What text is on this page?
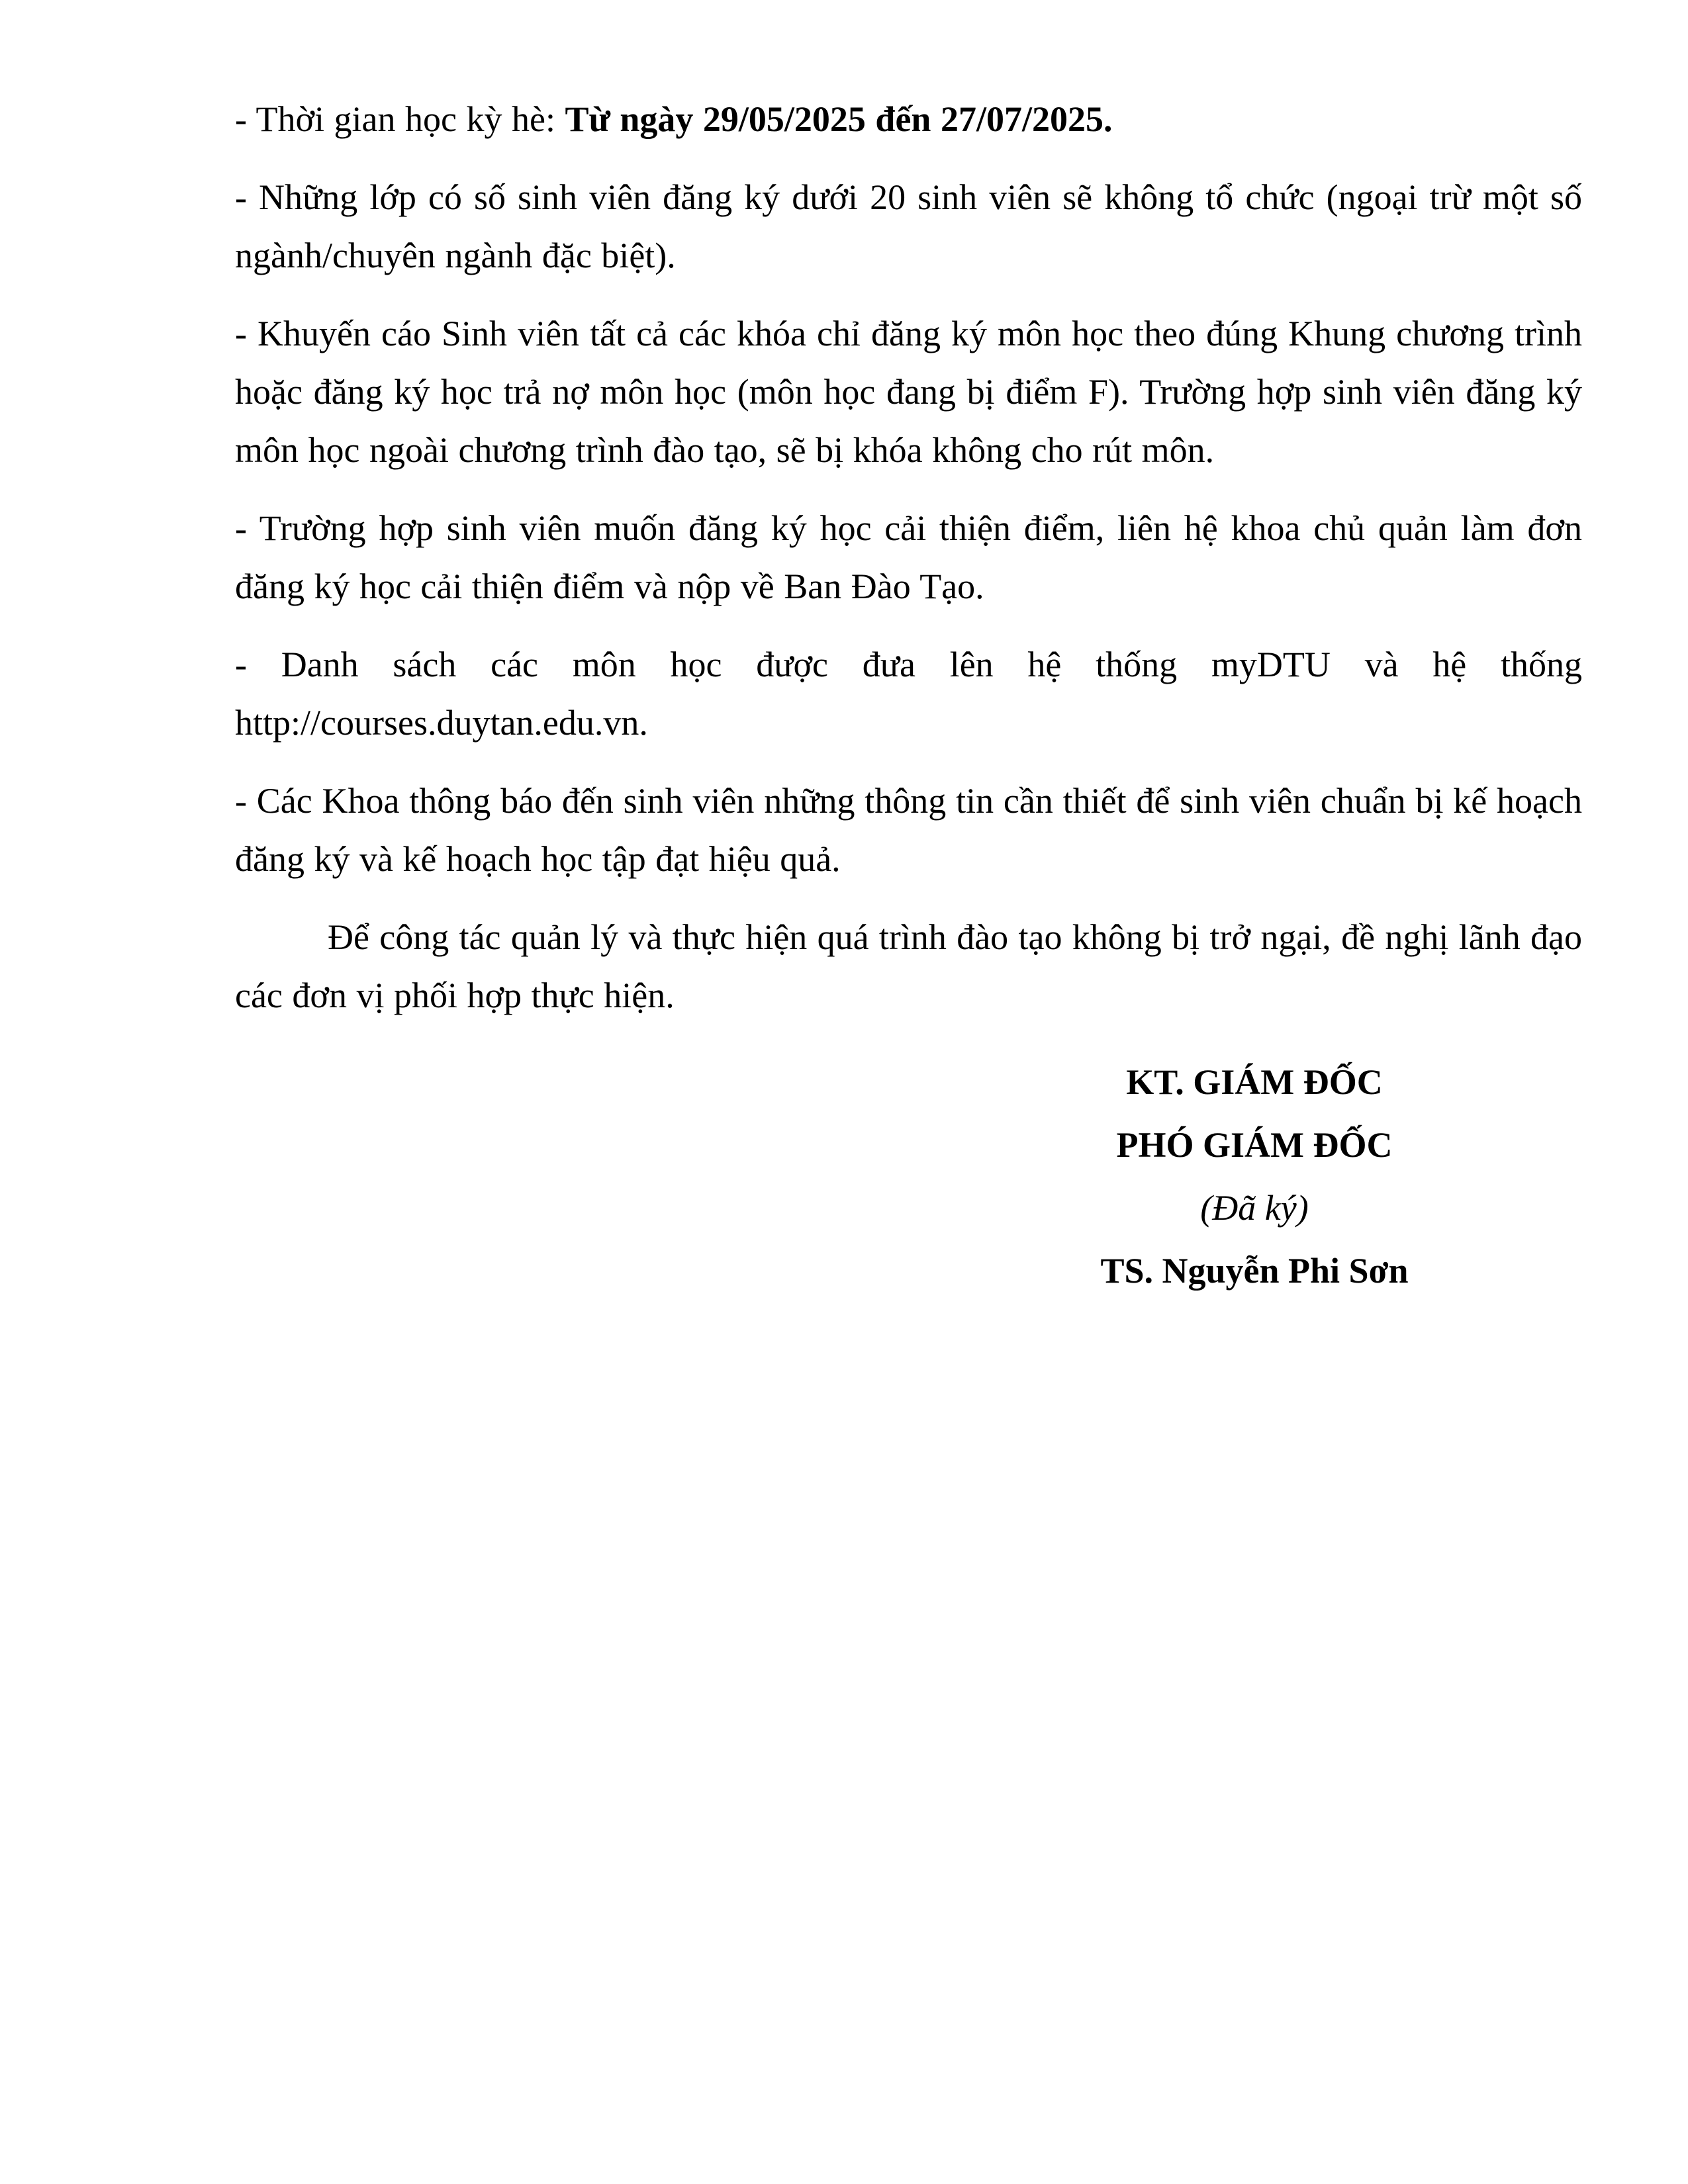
- Thời gian học kỳ hè: Từ ngày 29/05/2025 đến 27/07/2025.

- Những lớp có số sinh viên đăng ký dưới 20 sinh viên sẽ không tổ chức (ngoại trừ một số ngành/chuyên ngành đặc biệt).

- Khuyến cáo Sinh viên tất cả các khóa chỉ đăng ký môn học theo đúng Khung chương trình hoặc đăng ký học trả nợ môn học (môn học đang bị điểm F). Trường hợp sinh viên đăng ký môn học ngoài chương trình đào tạo, sẽ bị khóa không cho rút môn.

- Trường hợp sinh viên muốn đăng ký học cải thiện điểm, liên hệ khoa chủ quản làm đơn đăng ký học cải thiện điểm và nộp về Ban Đào Tạo.

- Danh sách các môn học được đưa lên hệ thống myDTU và hệ thống http://courses.duytan.edu.vn.

- Các Khoa thông báo đến sinh viên những thông tin cần thiết để sinh viên chuẩn bị kế hoạch đăng ký và kế hoạch học tập đạt hiệu quả.

Để công tác quản lý và thực hiện quá trình đào tạo không bị trở ngại, đề nghị lãnh đạo các đơn vị phối hợp thực hiện.

KT. GIÁM ĐỐC
PHÓ GIÁM ĐỐC
(Đã ký)
TS. Nguyễn Phi Sơn
